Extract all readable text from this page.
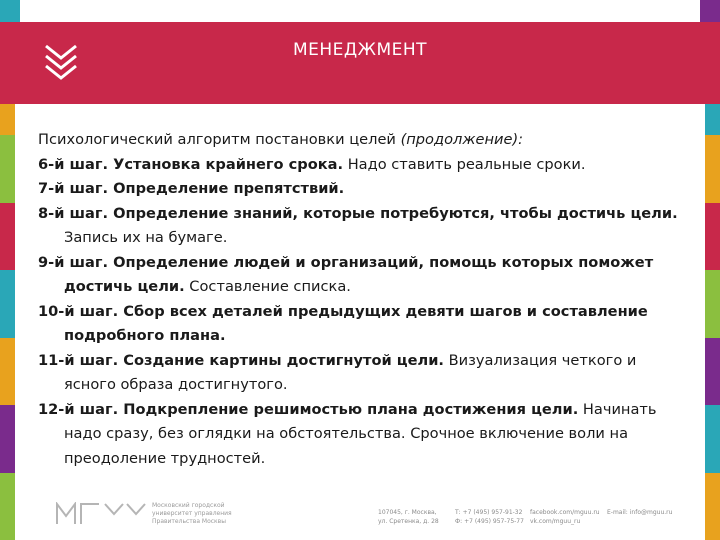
МЕНЕДЖМЕНТ

Психологический алгоритм постановки целей (продолжение):

6-й шаг. Установка крайнего срока. Надо ставить реальные сроки.
7-й шаг. Определение препятствий.
8-й шаг. Определение знаний, которые потребуются, чтобы достичь цели. Запись их на бумаге.
9-й шаг. Определение людей и организаций, помощь которых поможет достичь цели. Составление списка.
10-й шаг. Сбор всех деталей предыдущих девяти шагов и составление подробного плана.
11-й шаг. Создание картины достигнутой цели. Визуализация четкого и ясного образа достигнутого.
12-й шаг. Подкрепление решимостью плана достижения цели. Начинать надо сразу, без оглядки на обстоятельства. Срочное включение воли на преодоление трудностей.
Московский городской
университет управления
Правительства Москвы
107045, г. Москва,
ул. Сретенка, д. 28
Т: +7 (495) 957-91-32
Ф: +7 (495) 957-75-77
facebook.com/mguu.ru
vk.com/mguu_ru
E-mail: info@mguu.ru
